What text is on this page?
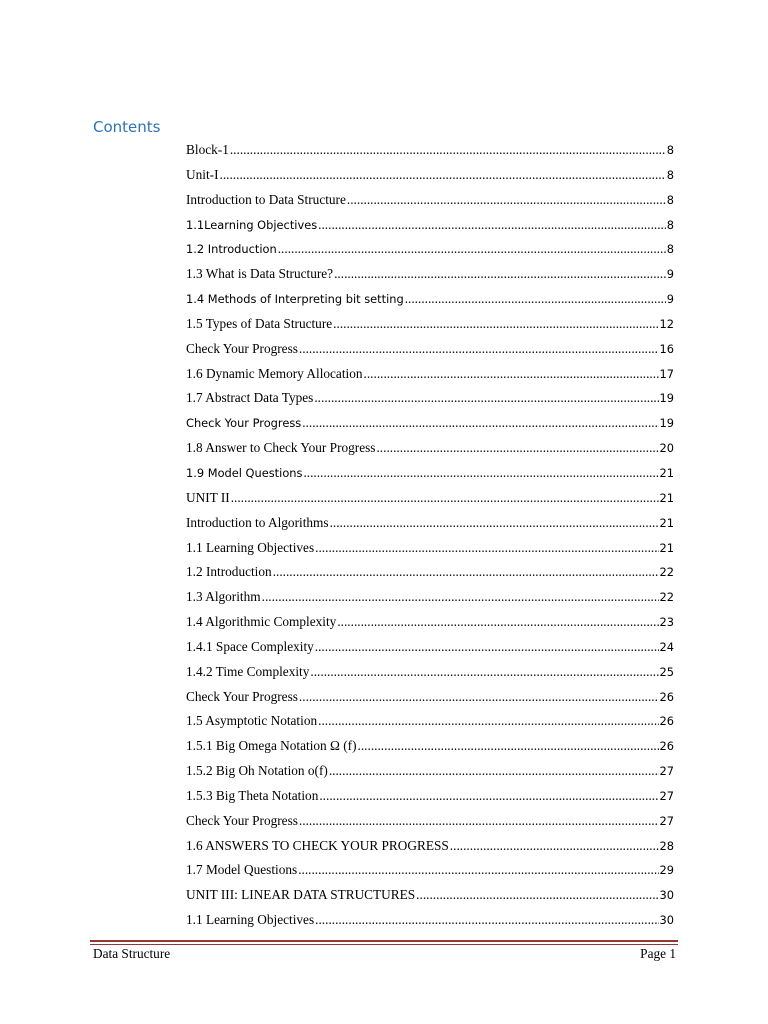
Contents
Block-1 .....	8
Unit-I .....	8
Introduction to Data Structure .....	8
1.1Learning Objectives .....	8
1.2 Introduction .....	8
1.3 What is Data Structure? .....	9
1.4 Methods of Interpreting bit setting .....	9
1.5 Types of Data Structure .....	12
Check Your Progress .....	16
1.6 Dynamic Memory Allocation .....	17
1.7 Abstract Data Types .....	19
Check Your Progress .....	19
1.8 Answer to Check Your Progress .....	20
1.9 Model Questions .....	21
UNIT II .....	21
Introduction to Algorithms .....	21
1.1 Learning Objectives .....	21
1.2 Introduction .....	22
1.3 Algorithm .....	22
1.4 Algorithmic Complexity .....	23
1.4.1 Space Complexity .....	24
1.4.2 Time Complexity .....	25
Check Your Progress .....	26
1.5 Asymptotic Notation .....	26
1.5.1 Big Omega Notation Ω (f) .....	26
1.5.2 Big Oh Notation o(f) .....	27
1.5.3 Big Theta Notation .....	27
Check Your Progress .....	27
1.6 ANSWERS TO CHECK YOUR PROGRESS .....	28
1.7 Model Questions .....	29
UNIT III: LINEAR DATA STRUCTURES .....	30
1.1 Learning Objectives .....	30
Data Structure	Page 1
